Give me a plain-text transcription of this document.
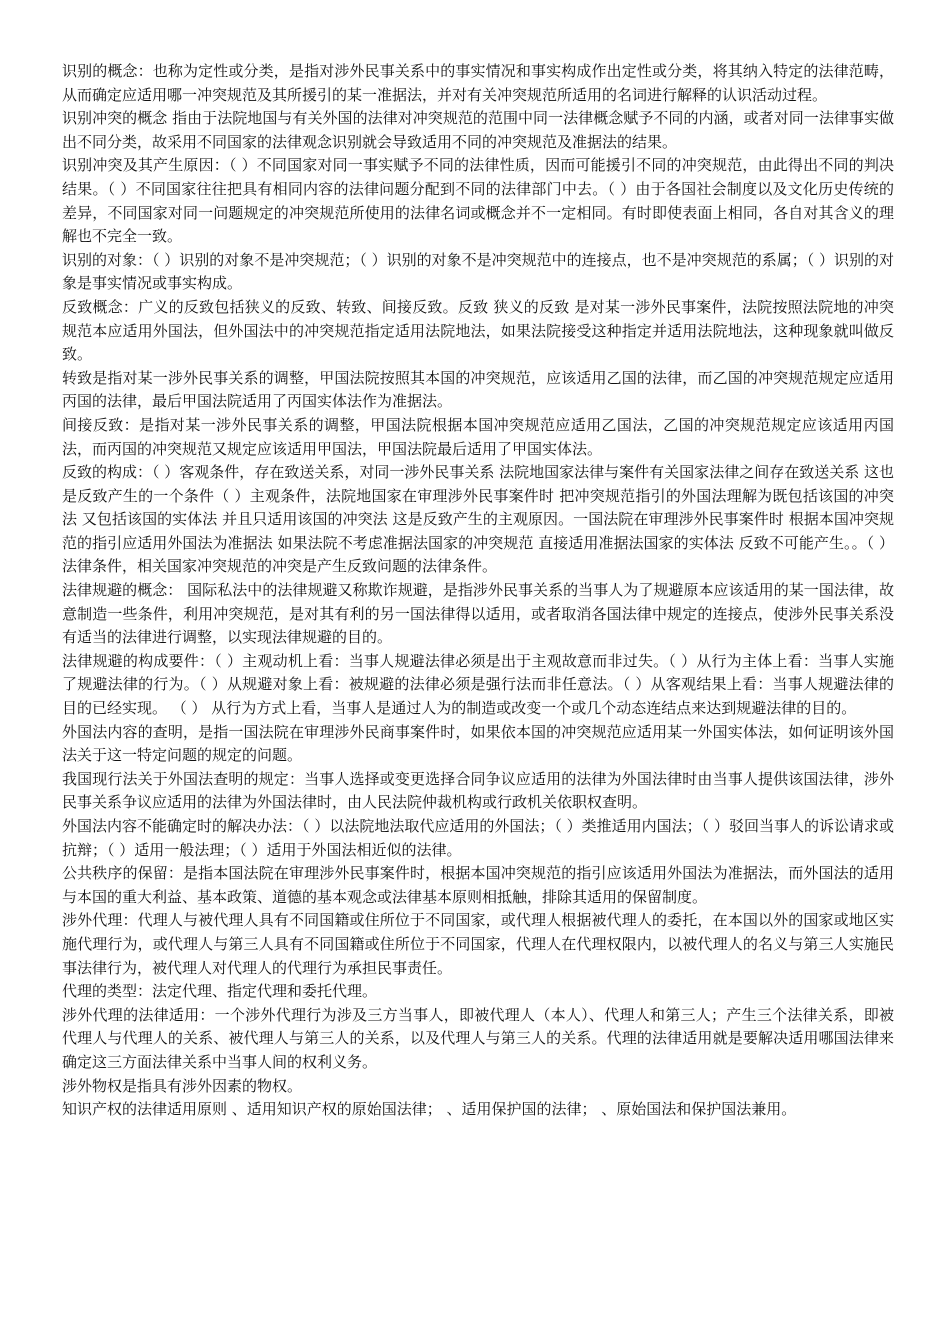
识别的概念：也称为定性或分类，是指对涉外民事关系中的事实情况和事实构成作出定性或分类，将其纳入特定的法律范畴，从而确定应适用哪一冲突规范及其所援引的某一准据法，并对有关冲突规范所适用的名词进行解释的认识活动过程。

识别冲突的概念 指由于法院地国与有关外国的法律对冲突规范的范围中同一法律概念赋予不同的内涵，或者对同一法律事实做出不同分类，故采用不同国家的法律观念识别就会导致适用不同的冲突规范及准据法的结果。

识别冲突及其产生原因：（ ）不同国家对同一事实赋予不同的法律性质，因而可能援引不同的冲突规范，由此得出不同的判决结果。（ ）不同国家往往把具有相同内容的法律问题分配到不同的法律部门中去。（ ）由于各国社会制度以及文化历史传统的差异，不同国家对同一问题规定的冲突规范所使用的法律名词或概念并不一定相同。有时即使表面上相同，各自对其含义的理解也不完全一致。

识别的对象：（ ）识别的对象不是冲突规范；（ ）识别的对象不是冲突规范中的连接点，也不是冲突规范的系属；（ ）识别的对象是事实情况或事实构成。

反致概念：广义的反致包括狭义的反致、转致、间接反致。反致 狭义的反致 是对某一涉外民事案件，法院按照法院地的冲突规范本应适用外国法，但外国法中的冲突规范指定适用法院地法，如果法院接受这种指定并适用法院地法，这种现象就叫做反致。

转致是指对某一涉外民事关系的调整，甲国法院按照其本国的冲突规范，应该适用乙国的法律，而乙国的冲突规范规定应适用丙国的法律，最后甲国法院适用了丙国实体法作为准据法。

间接反致：是指对某一涉外民事关系的调整，甲国法院根据本国冲突规范应适用乙国法，乙国的冲突规范规定应该适用丙国法，而丙国的冲突规范又规定应该适用甲国法，甲国法院最后适用了甲国实体法。

反致的构成：（ ）客观条件，存在致送关系，对同一涉外民事关系 法院地国家法律与案件有关国家法律之间存在致送关系 这也是反致产生的一个条件（ ）主观条件，法院地国家在审理涉外民事案件时 把冲突规范指引的外国法理解为既包括该国的冲突法 又包括该国的实体法 并且只适用该国的冲突法 这是反致产生的主观原因。一国法院在审理涉外民事案件时 根据本国冲突规范的指引应适用外国法为准据法 如果法院不考虑准据法国家的冲突规范 直接适用准据法国家的实体法 反致不可能产生。。（ ）法律条件，相关国家冲突规范的冲突是产生反致问题的法律条件。

法律规避的概念： 国际私法中的法律规避又称欺诈规避，是指涉外民事关系的当事人为了规避原本应该适用的某一国法律，故意制造一些条件，利用冲突规范，是对其有利的另一国法律得以适用，或者取消各国法律中规定的连接点，使涉外民事关系没有适当的法律进行调整，以实现法律规避的目的。

法律规避的构成要件：（ ）主观动机上看：当事人规避法律必须是出于主观故意而非过失。（ ）从行为主体上看：当事人实施了规避法律的行为。（ ）从规避对象上看：被规避的法律必须是强行法而非任意法。（ ）从客观结果上看：当事人规避法律的目的已经实现。 （ ） 从行为方式上看，当事人是通过人为的制造或改变一个或几个动态连结点来达到规避法律的目的。

外国法内容的查明，是指一国法院在审理涉外民商事案件时，如果依本国的冲突规范应适用某一外国实体法，如何证明该外国法关于这一特定问题的规定的问题。

我国现行法关于外国法查明的规定：当事人选择或变更选择合同争议应适用的法律为外国法律时由当事人提供该国法律，涉外民事关系争议应适用的法律为外国法律时，由人民法院仲裁机构或行政机关依职权查明。

外国法内容不能确定时的解决办法：（ ）以法院地法取代应适用的外国法；（ ）类推适用内国法；（ ）驳回当事人的诉讼请求或抗辩；（ ）适用一般法理；（ ）适用于外国法相近似的法律。

公共秩序的保留：是指本国法院在审理涉外民事案件时，根据本国冲突规范的指引应该适用外国法为准据法，而外国法的适用与本国的重大利益、基本政策、道德的基本观念或法律基本原则相抵触，排除其适用的保留制度。

涉外代理：代理人与被代理人具有不同国籍或住所位于不同国家，或代理人根据被代理人的委托，在本国以外的国家或地区实施代理行为，或代理人与第三人具有不同国籍或住所位于不同国家，代理人在代理权限内，以被代理人的名义与第三人实施民事法律行为，被代理人对代理人的代理行为承担民事责任。

代理的类型：法定代理、指定代理和委托代理。

涉外代理的法律适用：一个涉外代理行为涉及三方当事人，即被代理人（本人）、代理人和第三人；产生三个法律关系，即被代理人与代理人的关系、被代理人与第三人的关系，以及代理人与第三人的关系。代理的法律适用就是要解决适用哪国法律来确定这三方面法律关系中当事人间的权利义务。

涉外物权是指具有涉外因素的物权。

知识产权的法律适用原则 、适用知识产权的原始国法律； 、适用保护国的法律； 、原始国法和保护国法兼用。
